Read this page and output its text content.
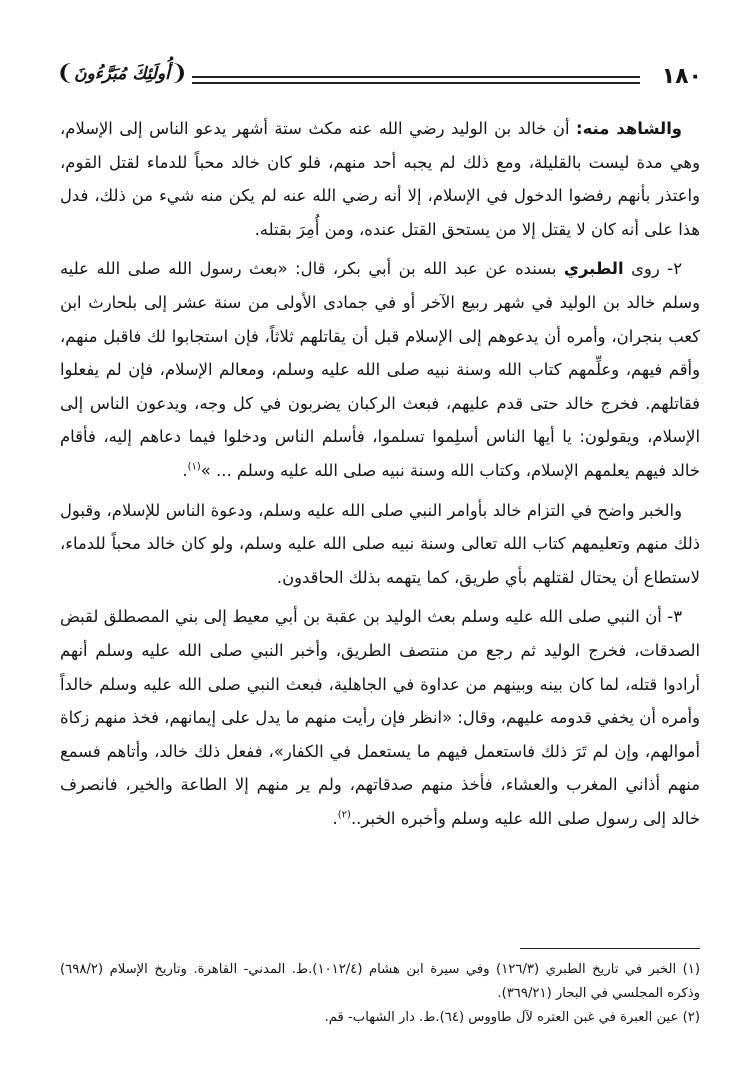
١٨٠
❨ أُولَئِكَ مُبَرَّءُونَ ❩

والشاهد منه: أن خالد بن الوليد رضي الله عنه مكث ستة أشهر يدعو الناس إلى الإسلام، وهي مدة ليست بالقليلة، ومع ذلك لم يجبه أحد منهم، فلو كان خالد محباً للدماء لقتل القوم، واعتذر بأنهم رفضوا الدخول في الإسلام، إلا أنه رضي الله عنه لم يكن منه شيء من ذلك، فدل هذا على أنه كان لا يقتل إلا من يستحق القتل عنده، ومن أُمِرَ بقتله.

٢- روى الطبري بسنده عن عبد الله بن أبي بكر، قال: «بعث رسول الله صلى الله عليه وسلم خالد بن الوليد في شهر ربيع الآخر أو في جمادى الأولى من سنة عشر إلى بلحارث ابن كعب بنجران، وأمره أن يدعوهم إلى الإسلام قبل أن يقاتلهم ثلاثاً، فإن استجابوا لك فاقبل منهم، وأقم فيهم، وعلِّمهم كتاب الله وسنة نبيه صلى الله عليه وسلم، ومعالم الإسلام، فإن لم يفعلوا فقاتلهم. فخرج خالد حتى قدم عليهم، فبعث الركبان يضربون في كل وجه، ويدعون الناس إلى الإسلام، ويقولون: يا أيها الناس أسلِموا تسلموا، فأسلم الناس ودخلوا فيما دعاهم إليه، فأقام خالد فيهم يعلمهم الإسلام، وكتاب الله وسنة نبيه صلى الله عليه وسلم ... »$^{(١)}$.

والخبر واضح في التزام خالد بأوامر النبي صلى الله عليه وسلم، ودعوة الناس للإسلام، وقبول ذلك منهم وتعليمهم كتاب الله تعالى وسنة نبيه صلى الله عليه وسلم، ولو كان خالد محباً للدماء، لاستطاع أن يحتال لقتلهم بأي طريق، كما يتهمه بذلك الحاقدون.

٣- أن النبي صلى الله عليه وسلم بعث الوليد بن عقبة بن أبي معيط إلى بني المصطلق لقبض الصدقات، فخرج الوليد ثم رجع من منتصف الطريق، وأخبر النبي صلى الله عليه وسلم أنهم أرادوا قتله، لما كان بينه وبينهم من عداوة في الجاهلية، فبعث النبي صلى الله عليه وسلم خالداً وأمره أن يخفي قدومه عليهم، وقال: «انظر فإن رأيت منهم ما يدل على إيمانهم، فخذ منهم زكاة أموالهم، وإن لم تَرَ ذلك فاستعمل فيهم ما يستعمل في الكفار»، ففعل ذلك خالد، وأتاهم فسمع منهم أذاني المغرب والعشاء، فأخذ منهم صدقاتهم، ولم ير منهم إلا الطاعة والخير، فانصرف خالد إلى رسول صلى الله عليه وسلم وأخبره الخبر..$^{(٢)}$.

(١) الخبر في تاريخ الطبري (١٢٦/٣) وفي سيرة ابن هشام (١٠١٢/٤).ط. المدني- القاهرة. وتاريخ الإسلام (٦٩٨/٢) وذكره المجلسي في البحار (٣٦٩/٢١).

(٢) عين العبرة في غبن العتره لآل طاووس (٦٤).ط. دار الشهاب- قم.
